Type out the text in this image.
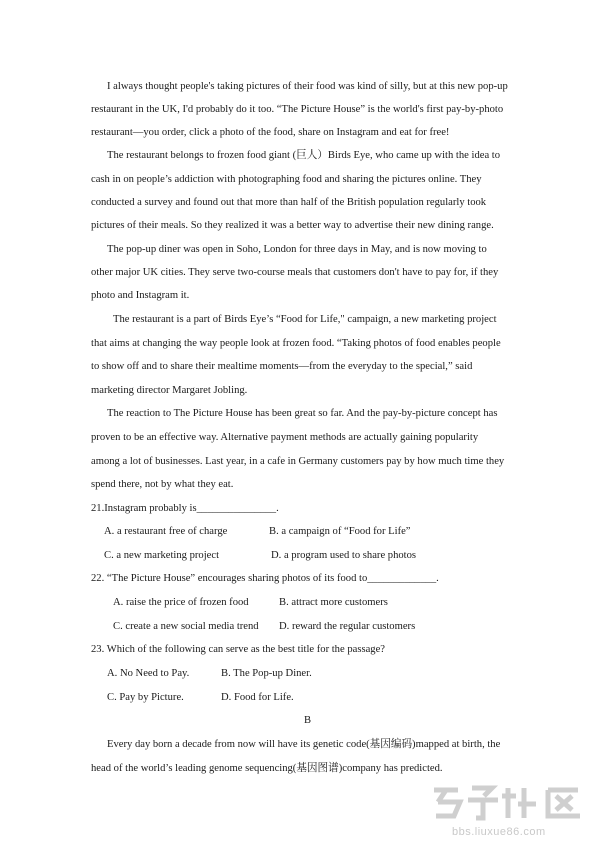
I always thought people's taking pictures of their food was kind of silly, but at this new pop-up
restaurant in the UK, I'd probably do it too. “The Picture House” is the world's first pay-by-photo
restaurant—you order, click a photo of the food, share on Instagram and eat for free!
The restaurant belongs to frozen food giant (巨人）Birds Eye, who came up with the idea to
cash in on people’s addiction with photographing food and sharing the pictures online. They
conducted a survey and found out that more than half of the British population regularly took
pictures of their meals. So they realized it was a better way to advertise their new dining range.
The pop-up diner was open in Soho, London for three days in May, and is now moving to
other major UK cities. They serve two-course meals that customers don't have to pay for, if they
photo and Instagram it.
The restaurant is a part of Birds Eye’s “Food for Life," campaign, a new marketing project
that aims at changing the way people look at frozen food. “Taking photos of food enables people
to show off and to share their mealtime moments—from the everyday to the special,” said
marketing director Margaret Jobling.
The reaction to The Picture House has been great so far. And the pay-by-picture concept has
proven to be an effective way. Alternative payment methods are actually gaining popularity
among a lot of businesses. Last year, in a cafe in Germany customers pay by how much time they
spend there, not by what they eat.
21.Instagram probably is_______________.
A. a restaurant free of charge	B. a campaign of “Food for Life”
C. a new marketing project	D. a program used to share photos
22. “The Picture House” encourages sharing photos of its food to_____________.
A. raise the price of frozen food	B. attract more customers
C. create a new social media trend D. reward the regular customers
23. Which of the following can serve as the best title for the passage?
A. No Need to Pay.	B. The Pop-up Diner.
C. Pay by Picture.	D. Food for Life.
B
Every day born a decade from now will have its genetic code(基因编码)mapped at birth, the
head of the world’s leading genome sequencing(基因图谱)company has predicted.
bbs.liuxue86.com
